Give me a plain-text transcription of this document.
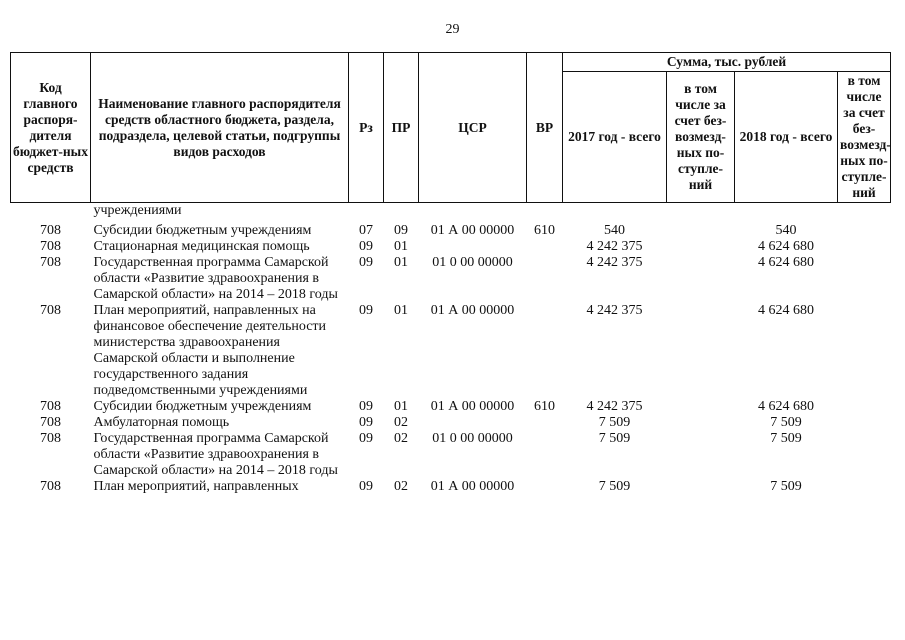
29
Код главного распоря-дителя бюджет-ных средств	Наименование главного распорядителя средств областного бюджета, раздела, подраздела, целевой статьи, подгруппы видов расходов	Рз	ПР	ЦСР	ВР	Сумма, тыс. рублей			
						2017 год - всего	в том числе за счет без-возмезд-ных по-ступле-ний	2018 год - всего	в том числе за счет без-возмезд-ных по-ступле-ний
	учреждениями								

708	Субсидии бюджетным учреждениям	07	09	01 А 00 00000	610	540		540	
708	Стационарная медицинская помощь	09	01			4 242 375		4 624 680	
708	Государственная программа Самарской области «Развитие здравоохранения в Самарской области» на 2014 – 2018 годы	09	01	01 0 00 00000		4 242 375		4 624 680	
708	План мероприятий, направленных на финансовое обеспечение деятельности министерства здравоохранения Самарской области и выполнение государственного задания подведомственными учреждениями	09	01	01 А 00 00000		4 242 375		4 624 680	
708	Субсидии бюджетным учреждениям	09	01	01 А 00 00000	610	4 242 375		4 624 680	
708	Амбулаторная помощь	09	02			7 509		7 509	
708	Государственная программа Самарской области «Развитие здравоохранения в Самарской области» на 2014 – 2018 годы	09	02	01 0 00 00000		7 509		7 509	
708	План мероприятий, направленных	09	02	01 А 00 00000		7 509		7 509	
